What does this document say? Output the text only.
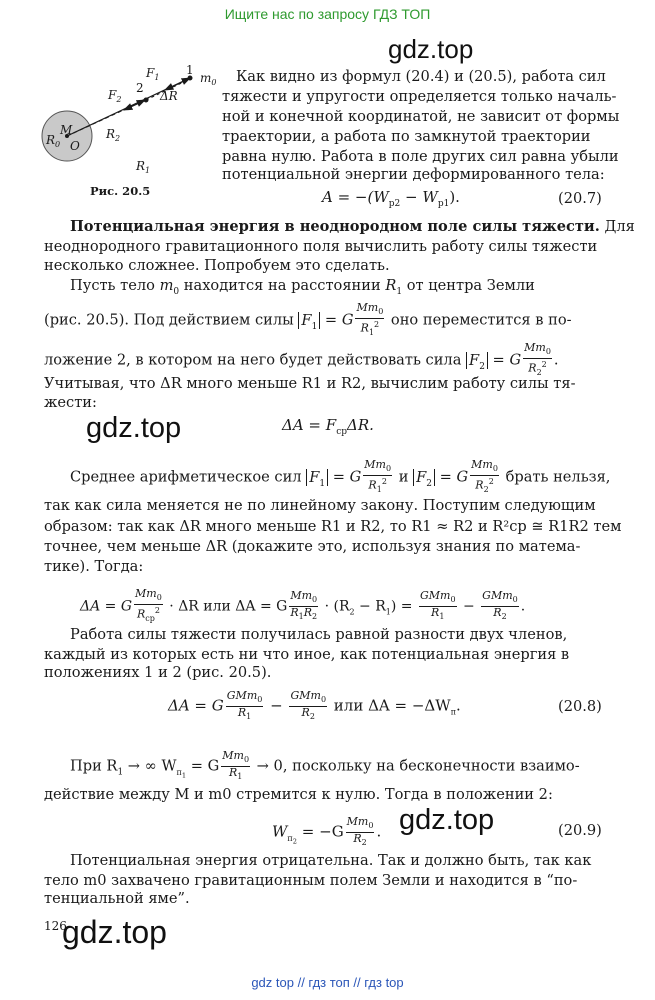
Ищите нас по запросу ГДЗ ТОП
$F_1$
$F_2$	ΔR
$R_1$
$R_2$
$R_0$
M
O
$m_0$
1
2
Рис. 20.5
gdz.top
Как видно из формул (20.4) и (20.5), работа сил
тяжести и упругости определяется только началь-
ной и конечной координатой, не зависит от формы
траектории, а работа по замкнутой траектории
равна нулю. Работа в поле других сил равна убыли
потенциальной энергии деформированного тела:
$A = -(W_{p2} - W_{p1})$.	(20.7)
Потенциальная энергия в неоднородном поле силы тяжести. Для
неоднородного гравитационного поля вычислить работу силы тяжести
несколько сложнее. Попробуем это сделать.
Пусть тело $m_0$ находится на расстоянии $R_1$ от центра Земли
(рис. 20.5). Под действием силы $F_1 = G \frac{Mm_0}{R_1^2}$ оно переместится в по-
ложение 2, в котором на него будет действовать сила $F_2 = G \frac{Mm_0}{R_2^2}$ .
Учитывая, что ΔR много меньше R1 и R2, вычислим работу силы тя-
жести:
gdz.top	$\Delta A = F_{ср}\Delta R$.
Среднее арифметическое сил $F_1 = G \frac{Mm_0}{R_1^2}$ и $F_2 = G \frac{Mm_0}{R_2^2}$ брать нельзя,
так как сила меняется не по линейному закону. Поступим следующим
образом: так как ΔR много меньше R1 и R2, то R1 ≈ R2 и R²ср ≅ R1R2 тем
точнее, чем меньше ΔR (докажите это, используя знания по матема-
тике). Тогда:
ΔA = G $\frac{Mm_0}{R_{ср}^2} \cdot \Delta R$ или ΔA = G $\frac{Mm_0}{R_1R_2} \cdot (R_2 - R_1) = \frac{GMm_0}{R_1} - \frac{GMm_0}{R_2}$ .
Работа силы тяжести получилась равной разности двух членов,
каждый из которых есть ни что иное, как потенциальная энергия в
положениях 1 и 2 (рис. 20.5).
ΔA = G $\frac{GMm_0}{R_1} - \frac{GMm_0}{R_2}$ или $\Delta A = -\Delta W_п$.	(20.8)
При $R_1$ → ∞ $W_{п_1} = G \frac{Mm_0}{R_1} \to 0$, поскольку на бесконечности взаимо-
действие между M и m0 стремится к нулю. Тогда в положении 2:
$W_{п_2} = -G \frac{Mm_0}{R_2}$ . gdz.top	(20.9)
Потенциальная энергия отрицательна. Так и должно быть, так как
тело m0 захвачено гравитационным полем Земли и находится в “по-
тенциальной яме”.
126
gdz.top
gdz top // гдз топ // гдз top
